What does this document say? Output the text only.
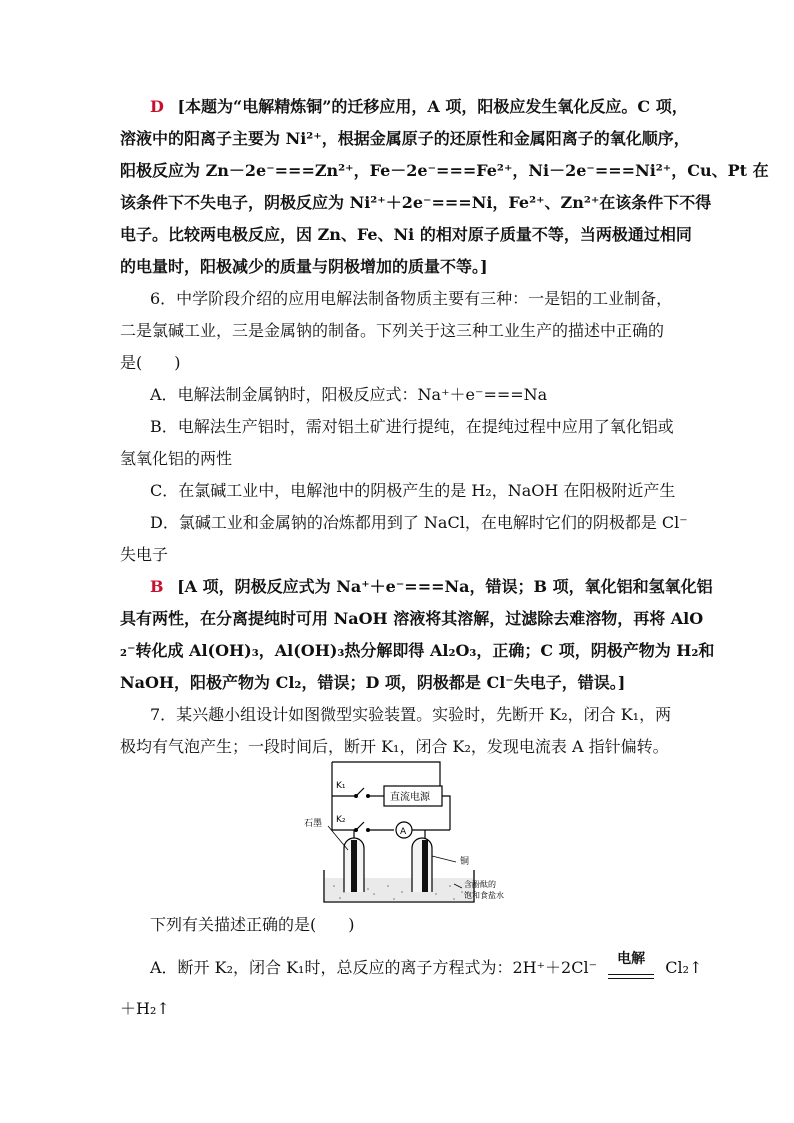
D [本题为“电解精炼铜”的迁移应用，A 项，阳极应发生氧化反应。C 项，
溶液中的阳离子主要为 Ni²⁺，根据金属原子的还原性和金属阳离子的氧化顺序，
阳极反应为 Zn－2e⁻===Zn²⁺，Fe－2e⁻===Fe²⁺，Ni－2e⁻===Ni²⁺，Cu、Pt 在
该条件下不失电子，阴极反应为 Ni²⁺＋2e⁻===Ni，Fe²⁺、Zn²⁺在该条件下不得
电子。比较两电极反应，因 Zn、Fe、Ni 的相对原子质量不等，当两极通过相同
的电量时，阳极减少的质量与阴极增加的质量不等。]
6．中学阶段介绍的应用电解法制备物质主要有三种：一是铝的工业制备，
二是氯碱工业，三是金属钠的制备。下列关于这三种工业生产的描述中正确的
是(　　)
A．电解法制金属钠时，阳极反应式：Na⁺＋e⁻===Na
B．电解法生产铝时，需对铝土矿进行提纯，在提纯过程中应用了氧化铝或
氢氧化铝的两性
C．在氯碱工业中，电解池中的阴极产生的是 H₂，NaOH 在阳极附近产生
D．氯碱工业和金属钠的冶炼都用到了 NaCl，在电解时它们的阴极都是 Cl⁻
失电子
B [A 项，阴极反应式为 Na⁺＋e⁻===Na，错误；B 项，氧化铝和氢氧化铝
具有两性，在分离提纯时可用 NaOH 溶液将其溶解，过滤除去难溶物，再将 AlO
₂⁻转化成 Al(OH)₃，Al(OH)₃热分解即得 Al₂O₃，正确；C 项，阴极产物为 H₂和
NaOH，阳极产物为 Cl₂，错误；D 项，阴极都是 Cl⁻失电子，错误。]
7．某兴趣小组设计如图微型实验装置。实验时，先断开 K₂，闭合 K₁，两
极均有气泡产生；一段时间后，断开 K₁，闭合 K₂，发现电流表 A 指针偏转。
K₁
直流电源
K₂
A
石墨
铜
含酚酞的
饱和食盐水
下列有关描述正确的是(　　)
A．断开 K₂，闭合 K₁时，总反应的离子方程式为：2H⁺＋2Cl⁻	电解	Cl₂↑
＋H₂↑
